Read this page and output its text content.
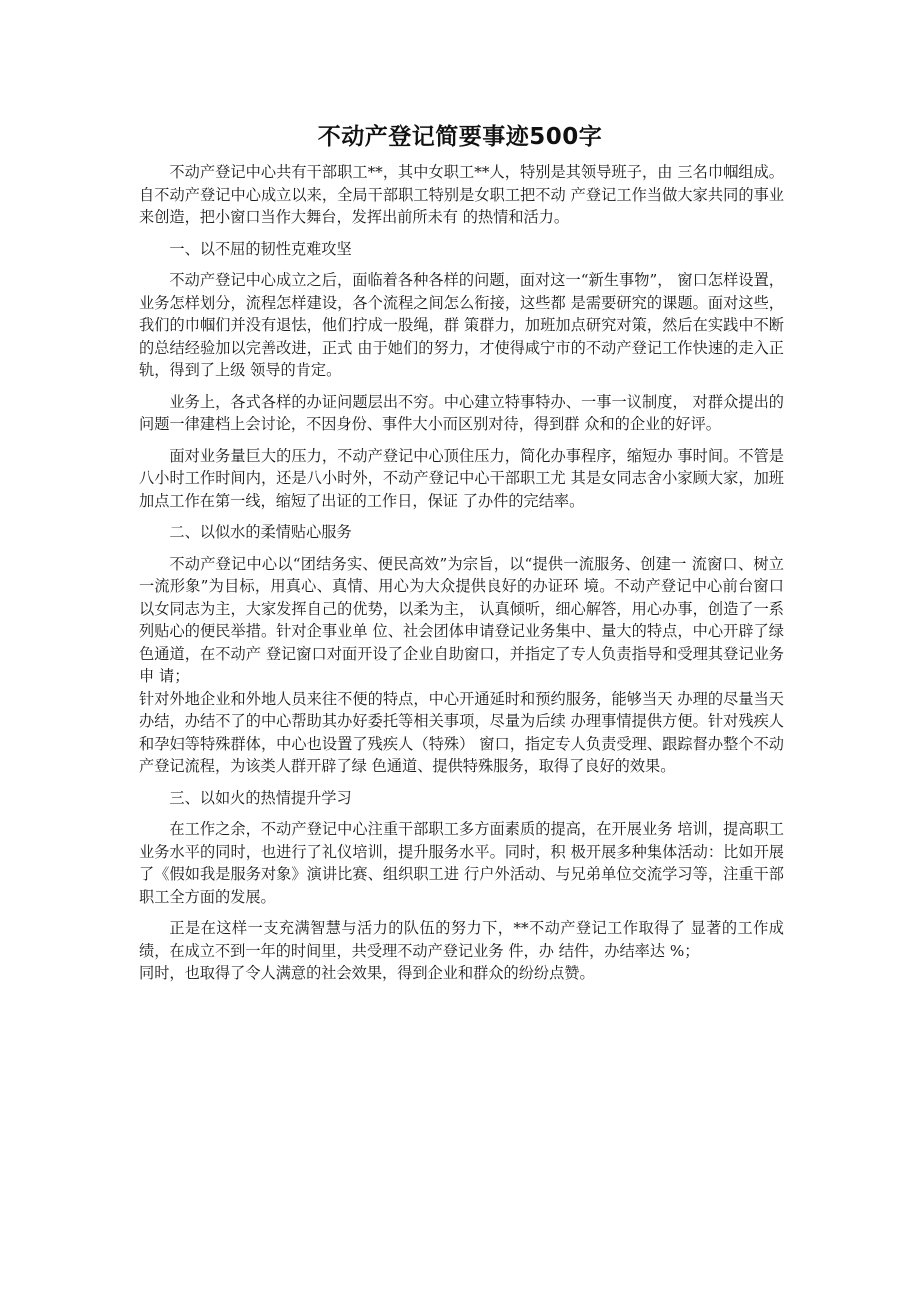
不动产登记简要事迹500字

不动产登记中心共有干部职工**，其中女职工**人，特别是其领导班子，由 三名巾帼组成。自不动产登记中心成立以来，全局干部职工特别是女职工把不动 产登记工作当做大家共同的事业来创造，把小窗口当作大舞台，发挥出前所未有 的热情和活力。

一、以不屈的韧性克难攻坚

不动产登记中心成立之后，面临着各种各样的问题，面对这一“新生事物”， 窗口怎样设置，业务怎样划分，流程怎样建设，各个流程之间怎么衔接，这些都 是需要研究的课题。面对这些，我们的巾帼们并没有退怯，他们拧成一股绳，群 策群力，加班加点研究对策，然后在实践中不断的总结经验加以完善改进，正式 由于她们的努力，才使得咸宁市的不动产登记工作快速的走入正轨，得到了上级 领导的肯定。

业务上，各式各样的办证问题层出不穷。中心建立特事特办、一事一议制度， 对群众提出的问题一律建档上会讨论，不因身份、事件大小而区别对待，得到群 众和的企业的好评。

面对业务量巨大的压力，不动产登记中心顶住压力，简化办事程序，缩短办 事时间。不管是八小时工作时间内，还是八小时外，不动产登记中心干部职工尤 其是女同志舍小家顾大家，加班加点工作在第一线，缩短了出证的工作日，保证 了办件的完结率。

二、以似水的柔情贴心服务

不动产登记中心以“团结务实、便民高效”为宗旨，以“提供一流服务、创建一 流窗口、树立一流形象”为目标，用真心、真情、用心为大众提供良好的办证环 境。不动产登记中心前台窗口以女同志为主，大家发挥自己的优势，以柔为主， 认真倾听，细心解答，用心办事，创造了一系列贴心的便民举措。针对企事业单 位、社会团体申请登记业务集中、量大的特点，中心开辟了绿色通道，在不动产 登记窗口对面开设了企业自助窗口，并指定了专人负责指导和受理其登记业务申 请；

针对外地企业和外地人员来往不便的特点，中心开通延时和预约服务，能够当天 办理的尽量当天办结，办结不了的中心帮助其办好委托等相关事项，尽量为后续 办理事情提供方便。针对残疾人和孕妇等特殊群体，中心也设置了残疾人（特殊） 窗口，指定专人负责受理、跟踪督办整个不动产登记流程，为该类人群开辟了绿 色通道、提供特殊服务，取得了良好的效果。

三、以如火的热情提升学习

在工作之余，不动产登记中心注重干部职工多方面素质的提高，在开展业务 培训，提高职工业务水平的同时，也进行了礼仪培训，提升服务水平。同时，积 极开展多种集体活动：比如开展了《假如我是服务对象》演讲比赛、组织职工进 行户外活动、与兄弟单位交流学习等，注重干部职工全方面的发展。

正是在这样一支充满智慧与活力的队伍的努力下，**不动产登记工作取得了 显著的工作成绩，在成立不到一年的时间里，共受理不动产登记业务 件，办 结件，办结率达 %；

同时，也取得了令人满意的社会效果，得到企业和群众的纷纷点赞。
